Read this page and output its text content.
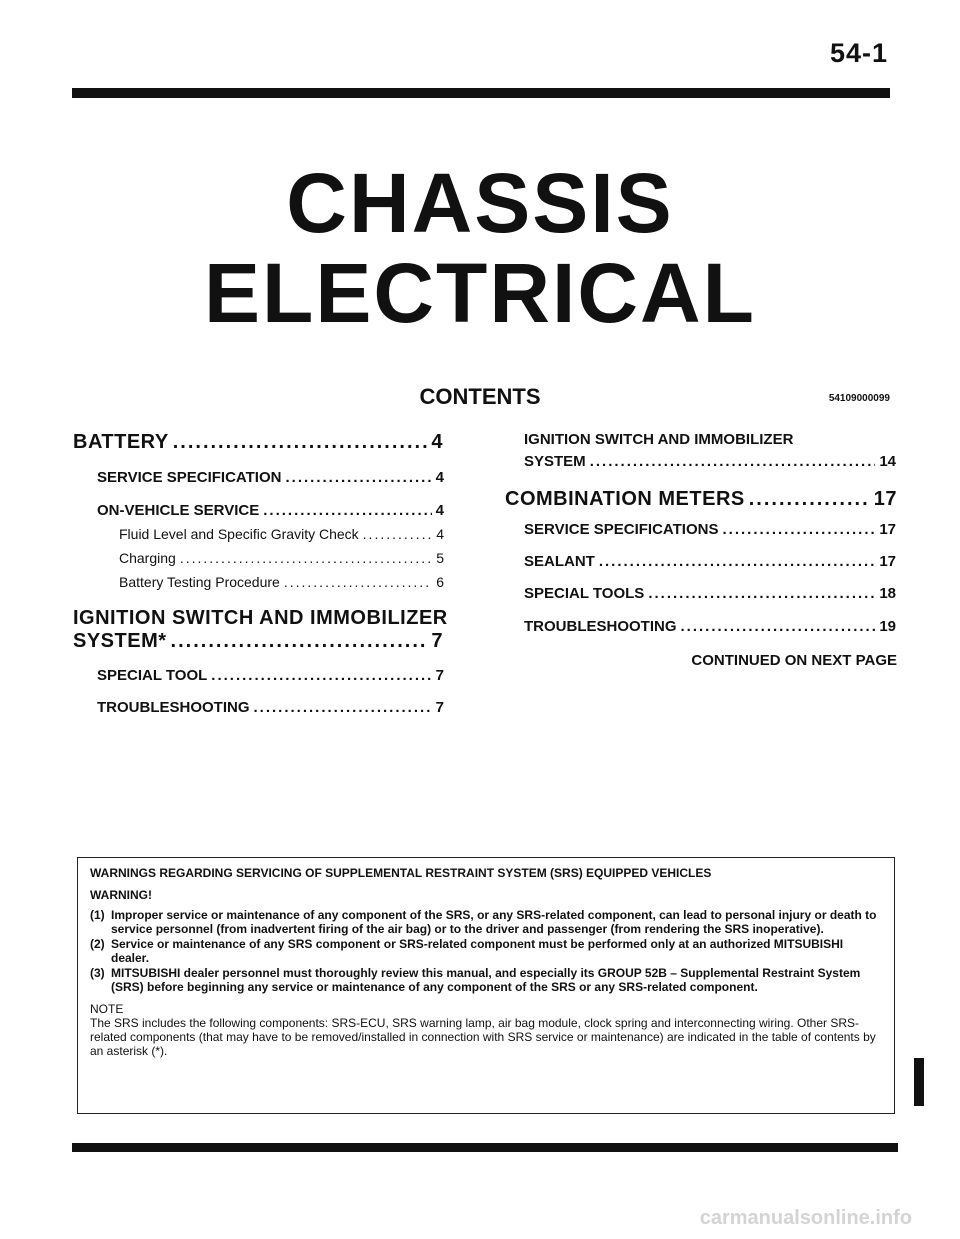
54-1
CHASSIS
ELECTRICAL
CONTENTS	54109000099
BATTERY .....	4
SERVICE SPECIFICATION .....	4
ON-VEHICLE SERVICE .....	4
Fluid Level and Specific Gravity Check .....	4
Charging .....	5
Battery Testing Procedure .....	6
IGNITION SWITCH AND IMMOBILIZER
SYSTEM* .....	7
SPECIAL TOOL .....	7
TROUBLESHOOTING .....	7
IGNITION SWITCH AND IMMOBILIZER
SYSTEM .....	14
COMBINATION METERS .....	17
SERVICE SPECIFICATIONS .....	17
SEALANT .....	17
SPECIAL TOOLS .....	18
TROUBLESHOOTING .....	19
CONTINUED ON NEXT PAGE
WARNINGS REGARDING SERVICING OF SUPPLEMENTAL RESTRAINT SYSTEM (SRS) EQUIPPED VEHICLES
WARNING!
(1) Improper service or maintenance of any component of the SRS, or any SRS-related component, can lead to personal injury or death to service personnel (from inadvertent firing of the air bag) or to the driver and passenger (from rendering the SRS inoperative).
(2) Service or maintenance of any SRS component or SRS-related component must be performed only at an authorized MITSUBISHI dealer.
(3) MITSUBISHI dealer personnel must thoroughly review this manual, and especially its GROUP 52B – Supplemental Restraint System (SRS) before beginning any service or maintenance of any component of the SRS or any SRS-related component.
NOTE
The SRS includes the following components: SRS-ECU, SRS warning lamp, air bag module, clock spring and interconnecting wiring. Other SRS-related components (that may have to be removed/installed in connection with SRS service or maintenance) are indicated in the table of contents by an asterisk (*).
carmanualsonline.info
